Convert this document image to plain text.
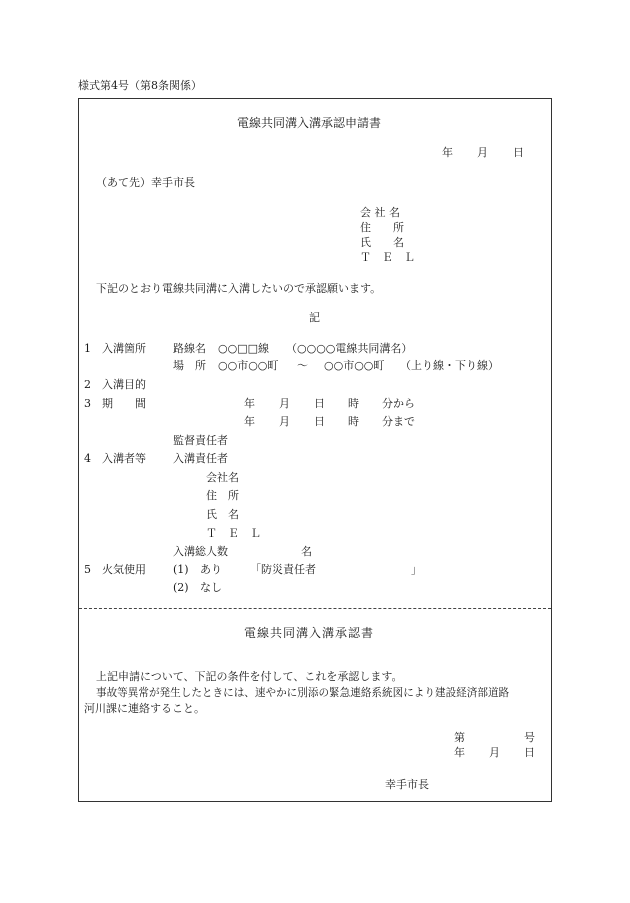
様式第4号（第8条関係）
電線共同溝入溝承認申請書
年 月 日
（あて先）幸手市長
会 社 名
住　　所
氏　　名
Ｔ　Ｅ　Ｌ
下記のとおり電線共同溝に入溝したいので承認願います。
記
1 入溝箇所 路線名 ○○□□線 （○○○○電線共同溝名）
場　所 ○○市○○町 ～ ○○市○○町 （上り線・下り線）
2 入溝目的
3 期　　間	年 月 日 時 分から
年 月 日 時 分まで
監督責任者
4 入溝者等 入溝責任者
会社名
住　所
氏　名
Ｔ　Ｅ　Ｌ
入溝総人数	名
5 火気使用 (1) あり	「防災責任者	」
(2) なし
電線共同溝入溝承認書
上記申請について、下記の条件を付して、これを承認します。
事故等異常が発生したときには、速やかに別添の緊急連絡系統図により建設経済部道路
河川課に連絡すること。
第	号
年 月 日
幸手市長
